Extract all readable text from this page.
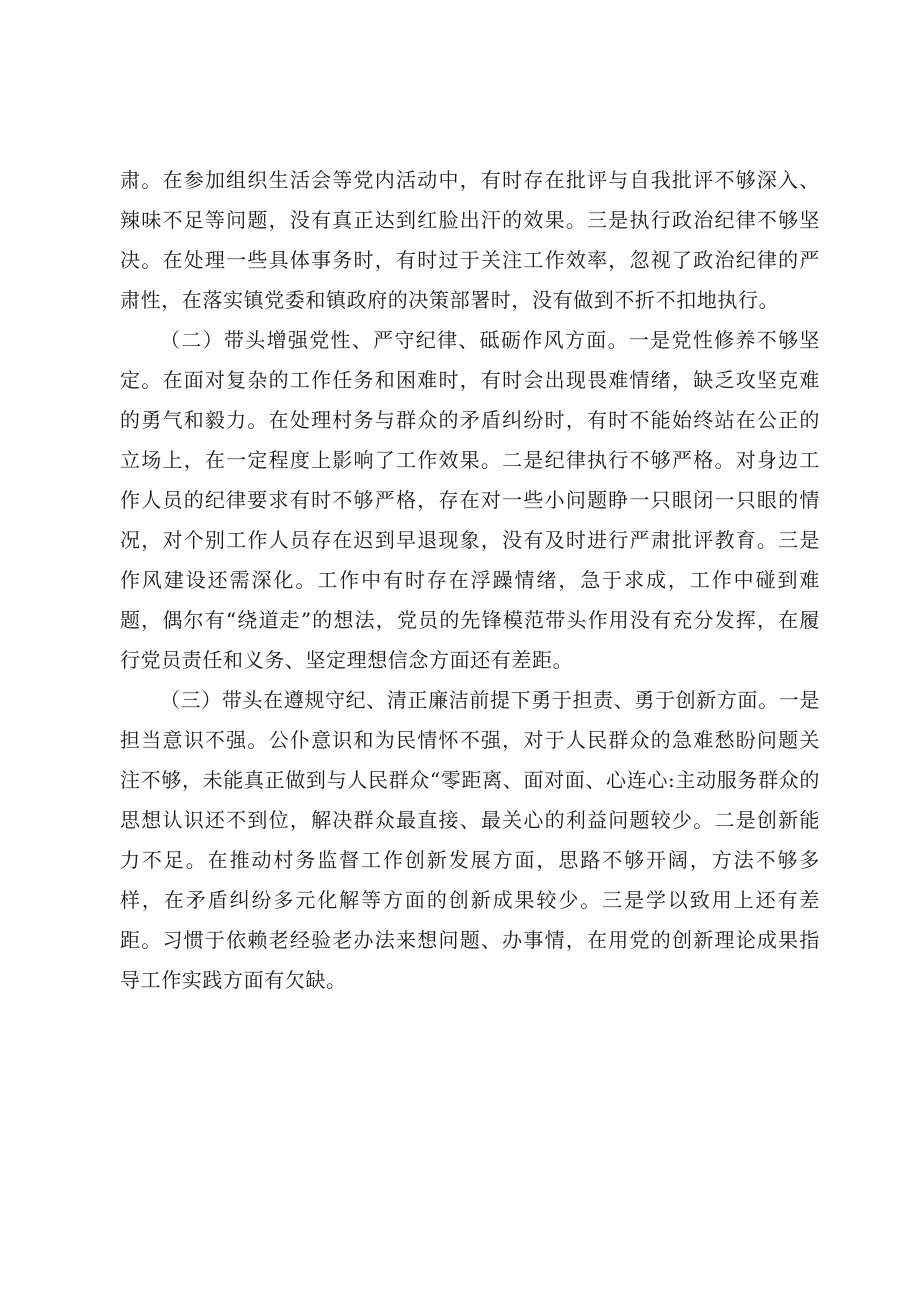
肃。在参加组织生活会等党内活动中，有时存在批评与自我批评不够深入、辣味不足等问题，没有真正达到红脸出汗的效果。三是执行政治纪律不够坚决。在处理一些具体事务时，有时过于关注工作效率，忽视了政治纪律的严肃性，在落实镇党委和镇政府的决策部署时，没有做到不折不扣地执行。

（二）带头增强党性、严守纪律、砥砺作风方面。一是党性修养不够坚定。在面对复杂的工作任务和困难时，有时会出现畏难情绪，缺乏攻坚克难的勇气和毅力。在处理村务与群众的矛盾纠纷时，有时不能始终站在公正的立场上，在一定程度上影响了工作效果。二是纪律执行不够严格。对身边工作人员的纪律要求有时不够严格，存在对一些小问题睁一只眼闭一只眼的情况，对个别工作人员存在迟到早退现象，没有及时进行严肃批评教育。三是作风建设还需深化。工作中有时存在浮躁情绪，急于求成，工作中碰到难题，偶尔有“绕道走”的想法，党员的先锋模范带头作用没有充分发挥，在履行党员责任和义务、坚定理想信念方面还有差距。

（三）带头在遵规守纪、清正廉洁前提下勇于担责、勇于创新方面。一是担当意识不强。公仆意识和为民情怀不强，对于人民群众的急难愁盼问题关注不够，未能真正做到与人民群众“零距离、面对面、心连心:主动服务群众的思想认识还不到位，解决群众最直接、最关心的利益问题较少。二是创新能力不足。在推动村务监督工作创新发展方面，思路不够开阔，方法不够多样，在矛盾纠纷多元化解等方面的创新成果较少。三是学以致用上还有差距。习惯于依赖老经验老办法来想问题、办事情，在用党的创新理论成果指导工作实践方面有欠缺。
